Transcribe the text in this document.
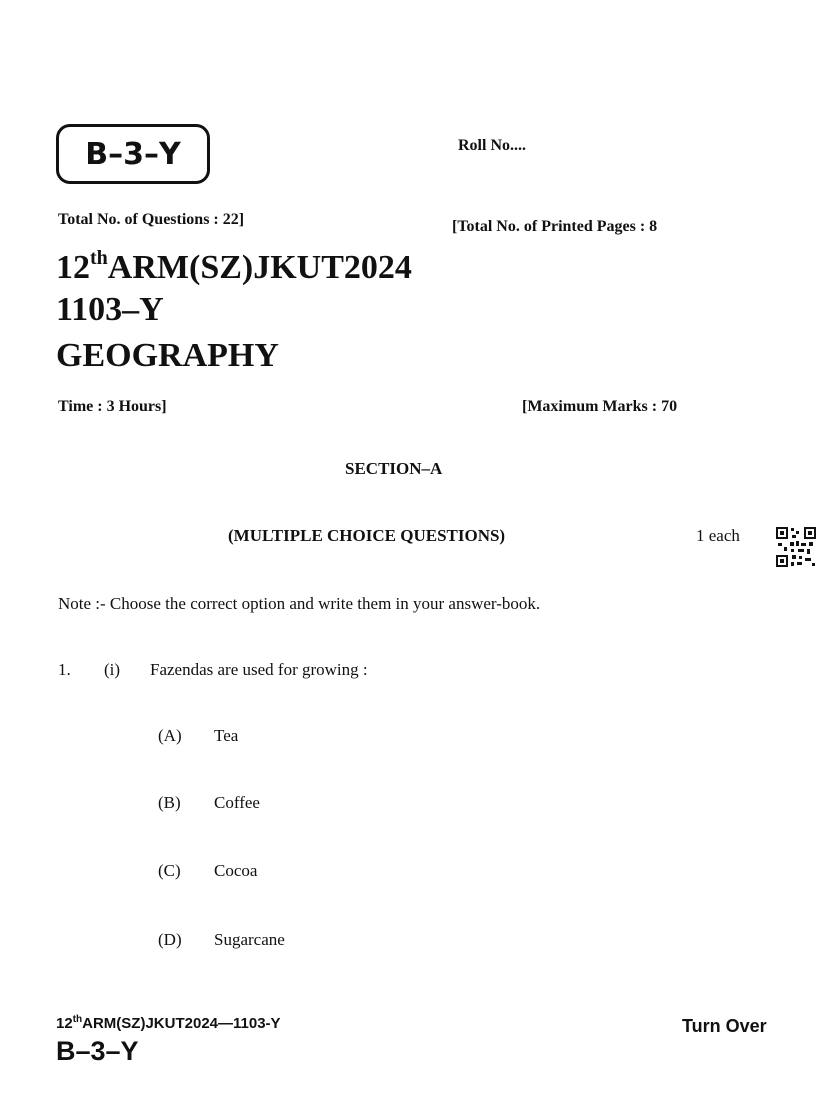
B–3–Y	Roll No....
Total No. of Questions : 22]	[Total No. of Printed Pages : 8
12thARM(SZ)JKUT2024
1103–Y
GEOGRAPHY
Time : 3 Hours]	[Maximum Marks : 70
SECTION–A
(MULTIPLE CHOICE QUESTIONS)	1 each
Note :- Choose the correct option and write them in your answer-book.
1. (i) Fazendas are used for growing :
(A) Tea
(B) Coffee
(C) Cocoa
(D) Sugarcane
12thARM(SZ)JKUT2024—1103-Y
B–3–Y
Turn Over
